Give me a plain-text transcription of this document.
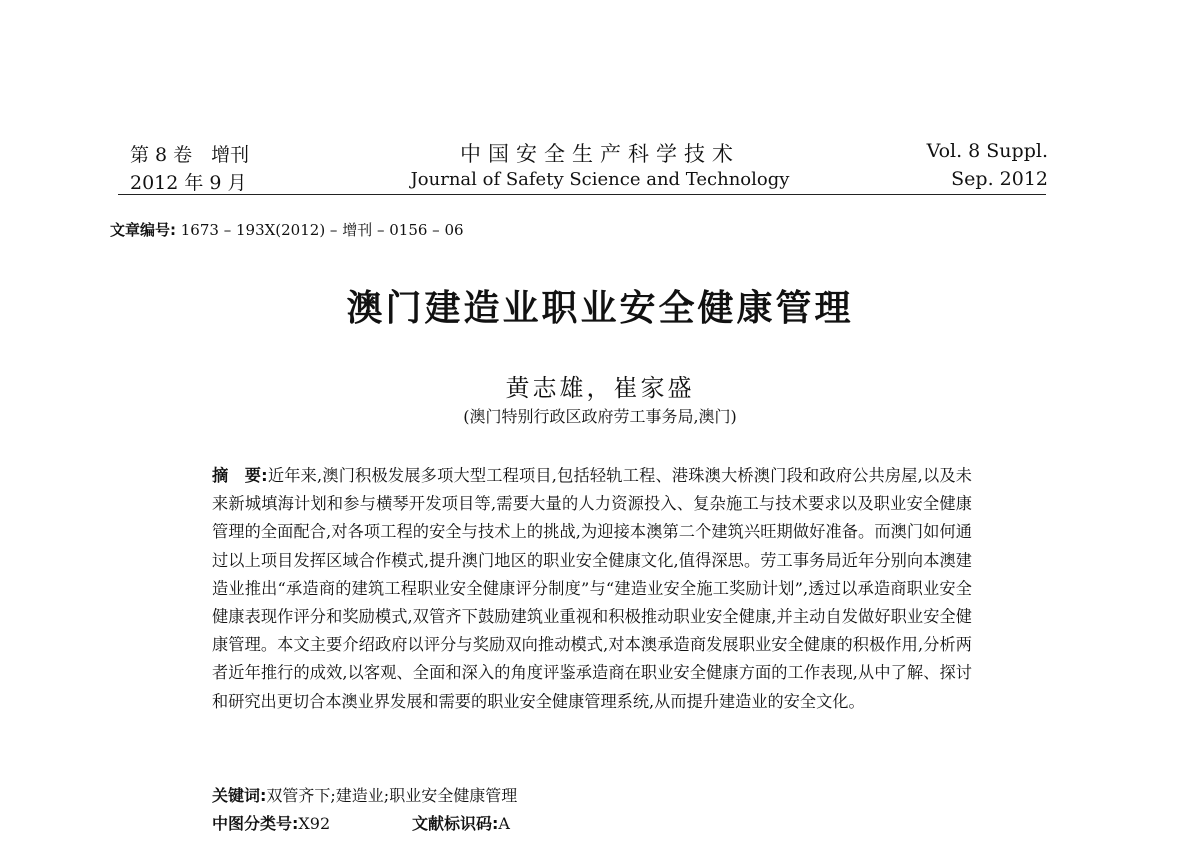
第 8 卷　增刊
2012 年 9 月
中国安全生产科学技术
Journal of Safety Science and Technology
Vol. 8 Suppl.
Sep. 2012
文章编号: 1673 – 193X(2012) – 增刊 – 0156 – 06
澳门建造业职业安全健康管理
黄志雄，崔家盛
(澳门特别行政区政府劳工事务局,澳门)
摘　要:近年来,澳门积极发展多项大型工程项目,包括轻轨工程、港珠澳大桥澳门段和政府公共房屋,以及未来新城填海计划和参与横琴开发项目等,需要大量的人力资源投入、复杂施工与技术要求以及职业安全健康管理的全面配合,对各项工程的安全与技术上的挑战,为迎接本澳第二个建筑兴旺期做好准备。而澳门如何通过以上项目发挥区域合作模式,提升澳门地区的职业安全健康文化,值得深思。劳工事务局近年分别向本澳建造业推出“承造商的建筑工程职业安全健康评分制度”与“建造业安全施工奖励计划”,透过以承造商职业安全健康表现作评分和奖励模式,双管齐下鼓励建筑业重视和积极推动职业安全健康,并主动自发做好职业安全健康管理。本文主要介绍政府以评分与奖励双向推动模式,对本澳承造商发展职业安全健康的积极作用,分析两者近年推行的成效,以客观、全面和深入的角度评鉴承造商在职业安全健康方面的工作表现,从中了解、探讨和研究出更切合本澳业界发展和需要的职业安全健康管理系统,从而提升建造业的安全文化。
关键词:双管齐下;建造业;职业安全健康管理
中图分类号:X92	文献标识码:A
